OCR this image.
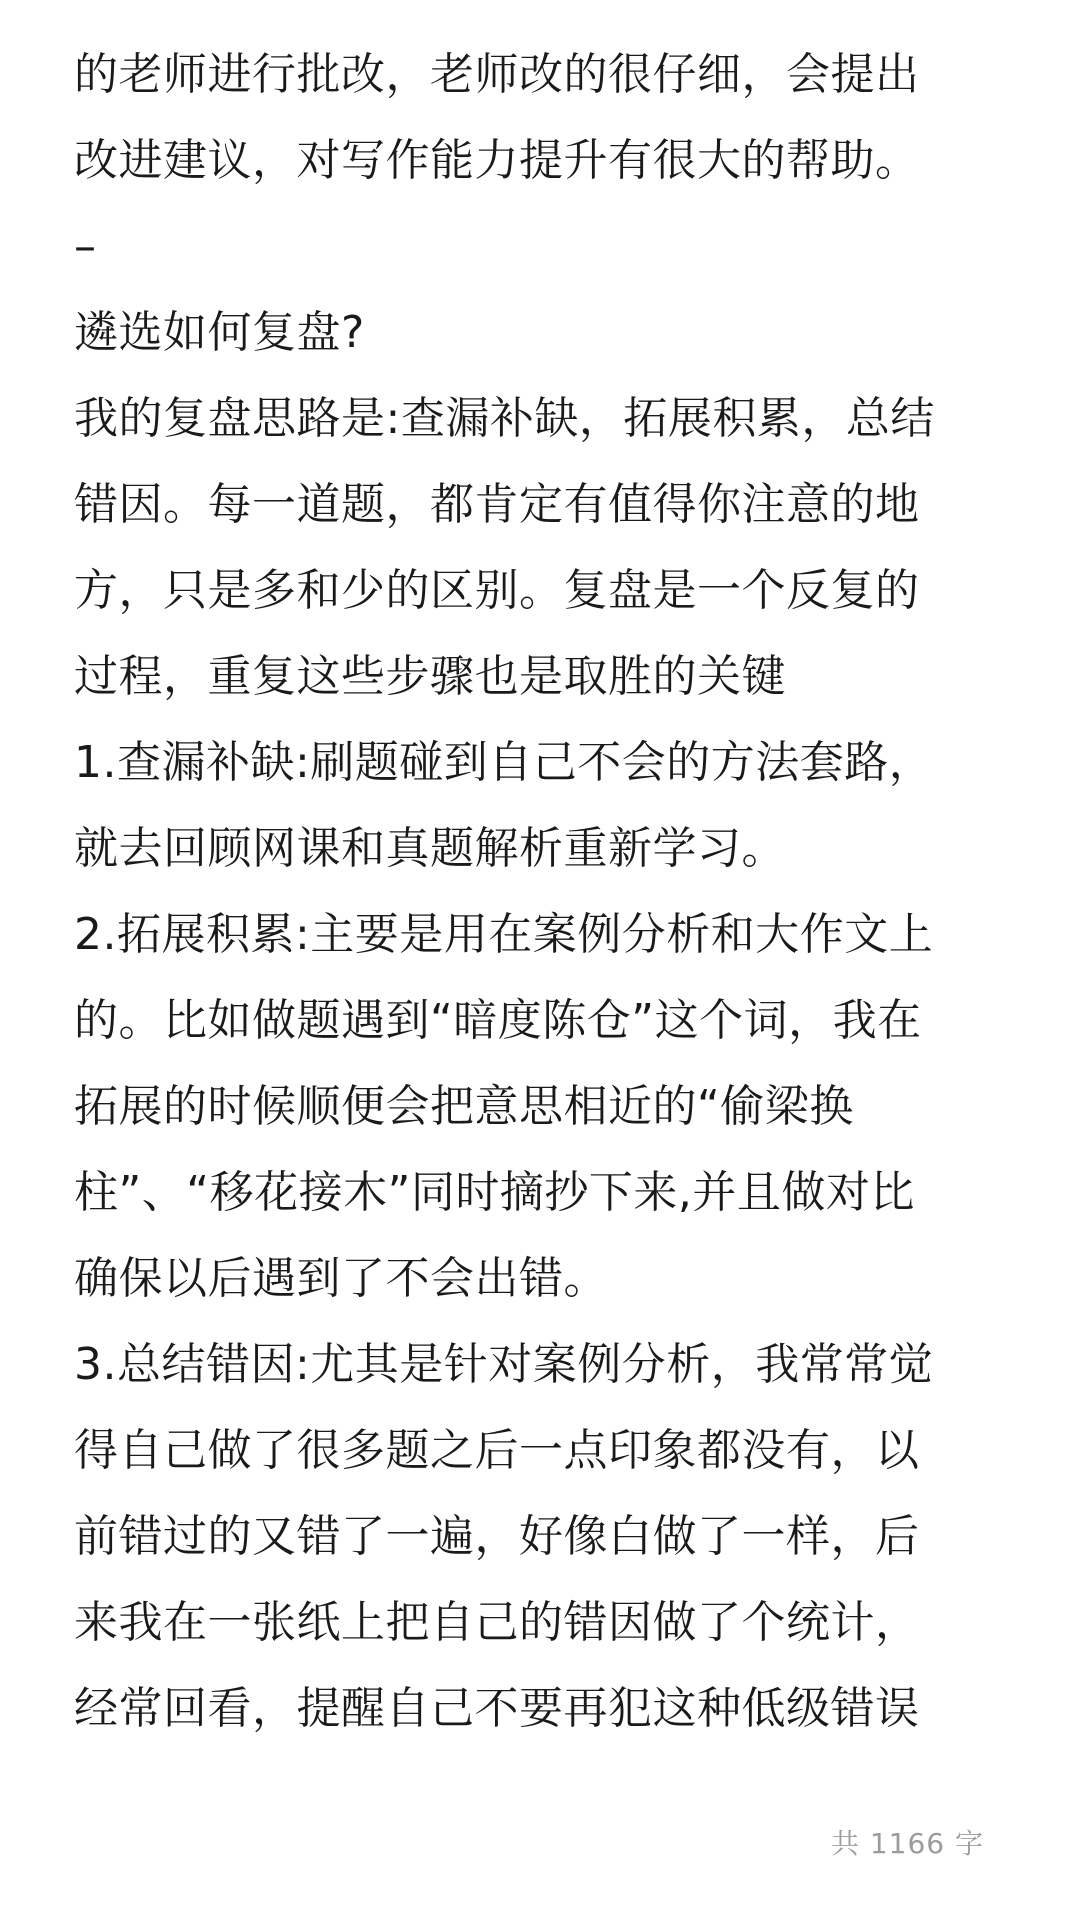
的老师进行批改，老师改的很仔细，会提出
改进建议，对写作能力提升有很大的帮助。
–
遴选如何复盘?
我的复盘思路是:查漏补缺，拓展积累，总结
错因。每一道题，都肯定有值得你注意的地
方，只是多和少的区别。复盘是一个反复的
过程，重复这些步骤也是取胜的关键
1.查漏补缺:刷题碰到自己不会的方法套路，
就去回顾网课和真题解析重新学习。
2.拓展积累:主要是用在案例分析和大作文上
的。比如做题遇到“暗度陈仓”这个词，我在
拓展的时候顺便会把意思相近的“偷梁换
柱”、“移花接木”同时摘抄下来,并且做对比
确保以后遇到了不会出错。
3.总结错因:尤其是针对案例分析，我常常觉
得自己做了很多题之后一点印象都没有，以
前错过的又错了一遍，好像白做了一样，后
来我在一张纸上把自己的错因做了个统计，
经常回看，提醒自己不要再犯这种低级错误
共 1166 字
